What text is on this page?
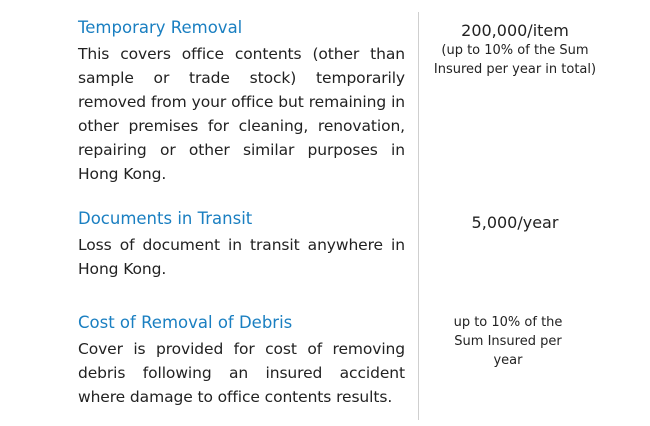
Temporary Removal

This covers office contents (other than sample or trade stock) temporarily removed from your office but remaining in other premises for cleaning, renovation, repairing or other similar purposes in Hong Kong.

200,000/item

(up to 10% of the Sum Insured per year in total)

Documents in Transit

Loss of document in transit anywhere in Hong Kong.

5,000/year

Cost of Removal of Debris

Cover is provided for cost of removing debris following an insured accident where damage to office contents results.

up to 10% of the Sum Insured per year
